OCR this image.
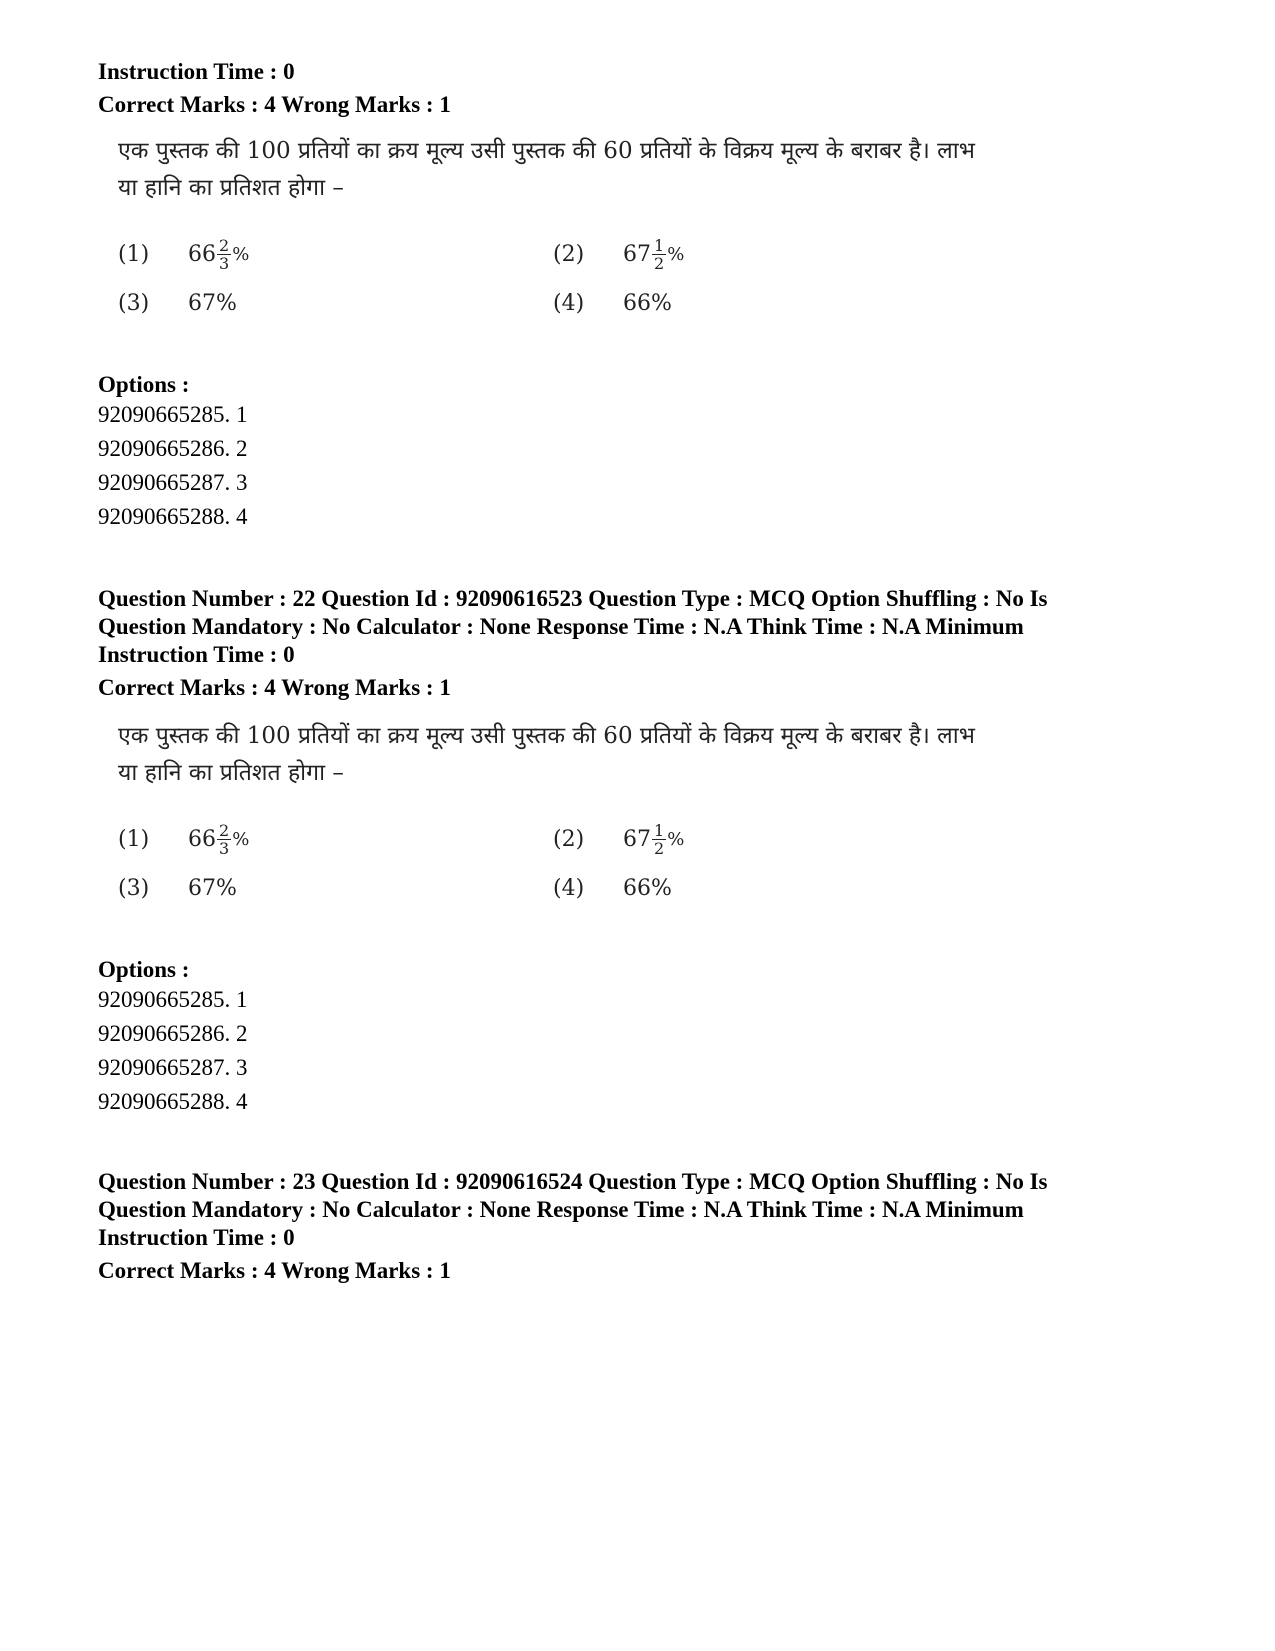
Instruction Time : 0

Correct Marks : 4 Wrong Marks : 1

एक पुस्तक की 100 प्रतियों का क्रय मूल्य उसी पुस्तक की 60 प्रतियों के विक्रय मूल्य के बराबर है। लाभ

या हानि का प्रतिशत होगा –

(1)	$66 \frac{2}{3}$ %	(2)	$67 \frac{1}{2}$ %
(3)	67%	(4)	66%

Options :

92090665285. 1
92090665286. 2
92090665287. 3
92090665288. 4

Question Number : 22 Question Id : 92090616523 Question Type : MCQ Option Shuffling : No Is

Question Mandatory : No Calculator : None Response Time : N.A Think Time : N.A Minimum

Instruction Time : 0

Correct Marks : 4 Wrong Marks : 1

एक पुस्तक की 100 प्रतियों का क्रय मूल्य उसी पुस्तक की 60 प्रतियों के विक्रय मूल्य के बराबर है। लाभ

या हानि का प्रतिशत होगा –

(1)	$66 \frac{2}{3}$ %	(2)	$67 \frac{1}{2}$ %
(3)	67%	(4)	66%

Options :

92090665285. 1
92090665286. 2
92090665287. 3
92090665288. 4

Question Number : 23 Question Id : 92090616524 Question Type : MCQ Option Shuffling : No Is

Question Mandatory : No Calculator : None Response Time : N.A Think Time : N.A Minimum

Instruction Time : 0

Correct Marks : 4 Wrong Marks : 1
